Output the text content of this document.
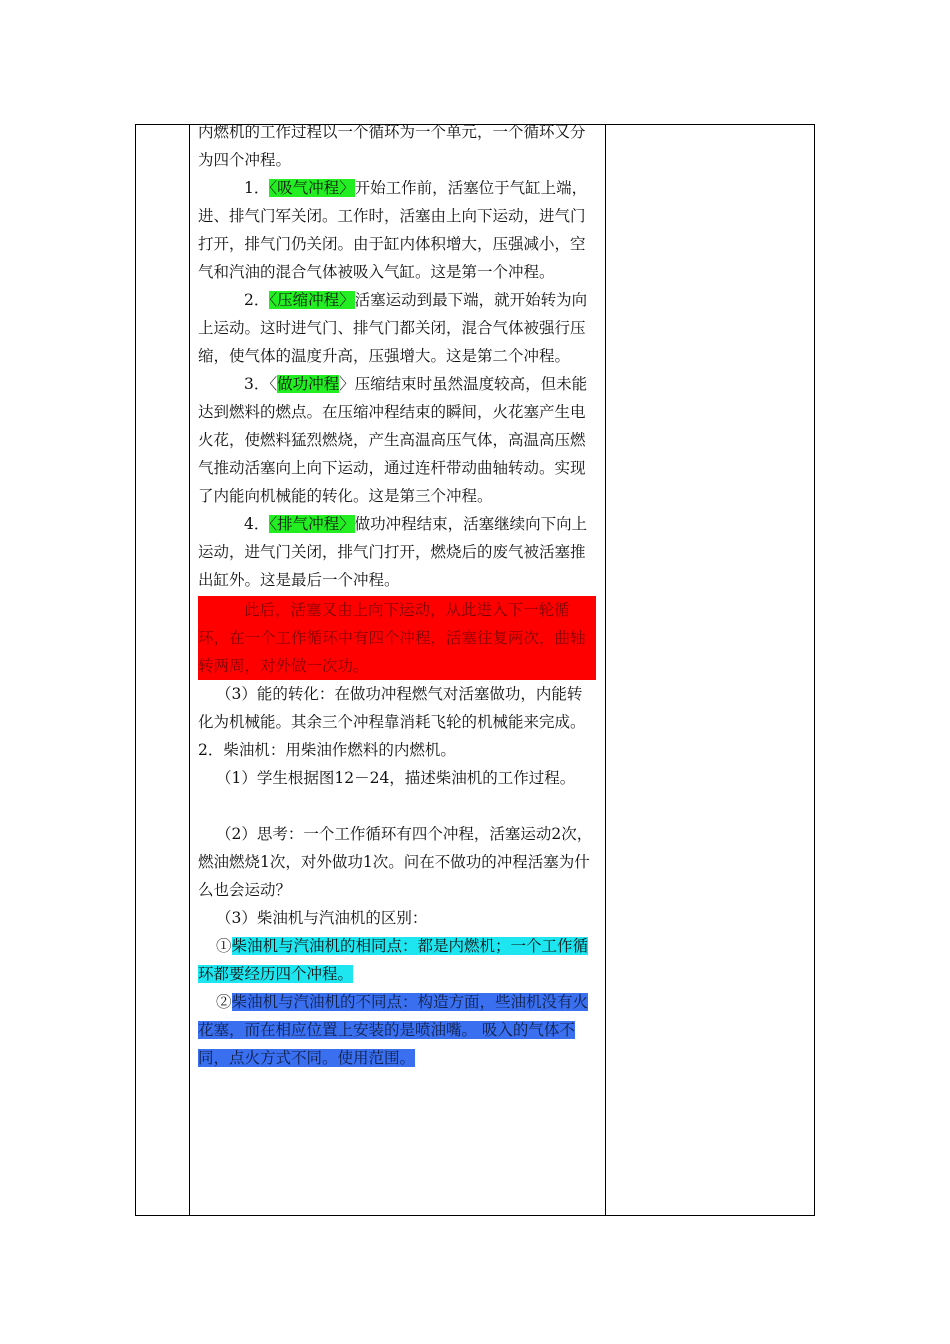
内燃机的工作过程以一个循环为一个单元，一个循环又分为四个冲程。

1．〈吸气冲程〉开始工作前，活塞位于气缸上端，进、排气门军关闭。工作时，活塞由上向下运动，进气门打开，排气门仍关闭。由于缸内体积增大，压强减小，空气和汽油的混合气体被吸入气缸。这是第一个冲程。

2．〈压缩冲程〉活塞运动到最下端，就开始转为向上运动。这时进气门、排气门都关闭，混合气体被强行压缩，使气体的温度升高，压强增大。这是第二个冲程。

3．〈做功冲程〉压缩结束时虽然温度较高，但未能达到燃料的燃点。在压缩冲程结束的瞬间，火花塞产生电火花，使燃料猛烈燃烧，产生高温高压气体，高温高压燃气推动活塞向上向下运动，通过连杆带动曲轴转动。实现了内能向机械能的转化。这是第三个冲程。

4．〈排气冲程〉做功冲程结束，活塞继续向下向上运动，进气门关闭，排气门打开，燃烧后的废气被活塞推出缸外。这是最后一个冲程。

此后，活塞又由上向下运动，从此进入下一轮循环，在一个工作循环中有四个冲程，活塞往复两次，曲轴转两周，对外做一次功。

（3）能的转化：在做功冲程燃气对活塞做功，内能转化为机械能。其余三个冲程靠消耗飞轮的机械能来完成。

2．柴油机：用柴油作燃料的内燃机。

（1）学生根据图12－24，描述柴油机的工作过程。

（2）思考：一个工作循环有四个冲程，活塞运动2次，燃油燃烧1次，对外做功1次。问在不做功的冲程活塞为什么也会运动？

（3）柴油机与汽油机的区别：

①柴油机与汽油机的相同点：都是内燃机；一个工作循环都要经历四个冲程。

②柴油机与汽油机的不同点：构造方面，些油机没有火花塞，而在相应位置上安装的是喷油嘴。 吸入的气体不同，点火方式不同。使用范围。
